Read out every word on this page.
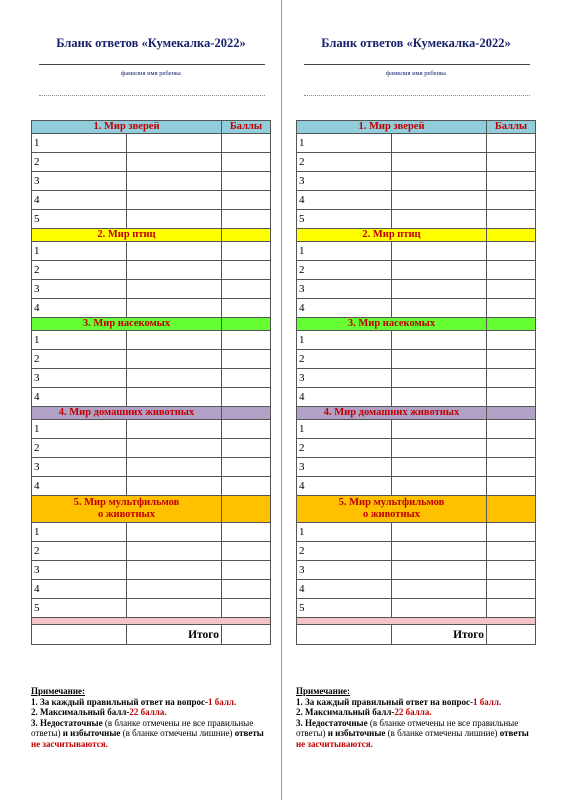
Бланк ответов «Кумекалка-2022»
фамилия имя ребенка
1. Мир зверей		Баллы
1		
2		
3		
4		
5		
2. Мир птиц		
1		
2		
3		
4		
3. Мир насекомых		
1		
2		
3		
4		
4. Мир домашних животных		
1		
2		
3		
4		

5. Мир мультфильмов
о животных		

1		
2		
3		
4		
5		

	Итого	
Примечание:
1. За каждый правильный ответ на вопрос-1 балл.
2. Максимальный балл-22 балла.
3. Недостаточные (в бланке отмечены не все правильные ответы) и избыточные (в бланке отмечены лишние) ответы не засчитываются.
Бланк ответов «Кумекалка-2022»
фамилия имя ребенка
1. Мир зверей		Баллы
1		
2		
3		
4		
5		
2. Мир птиц		
1		
2		
3		
4		
3. Мир насекомых		
1		
2		
3		
4		
4. Мир домашних животных		
1		
2		
3		
4		

5. Мир мультфильмов
о животных		

1		
2		
3		
4		
5		

	Итого	
Примечание:
1. За каждый правильный ответ на вопрос-1 балл.
2. Максимальный балл-22 балла.
3. Недостаточные (в бланке отмечены не все правильные ответы) и избыточные (в бланке отмечены лишние) ответы не засчитываются.
